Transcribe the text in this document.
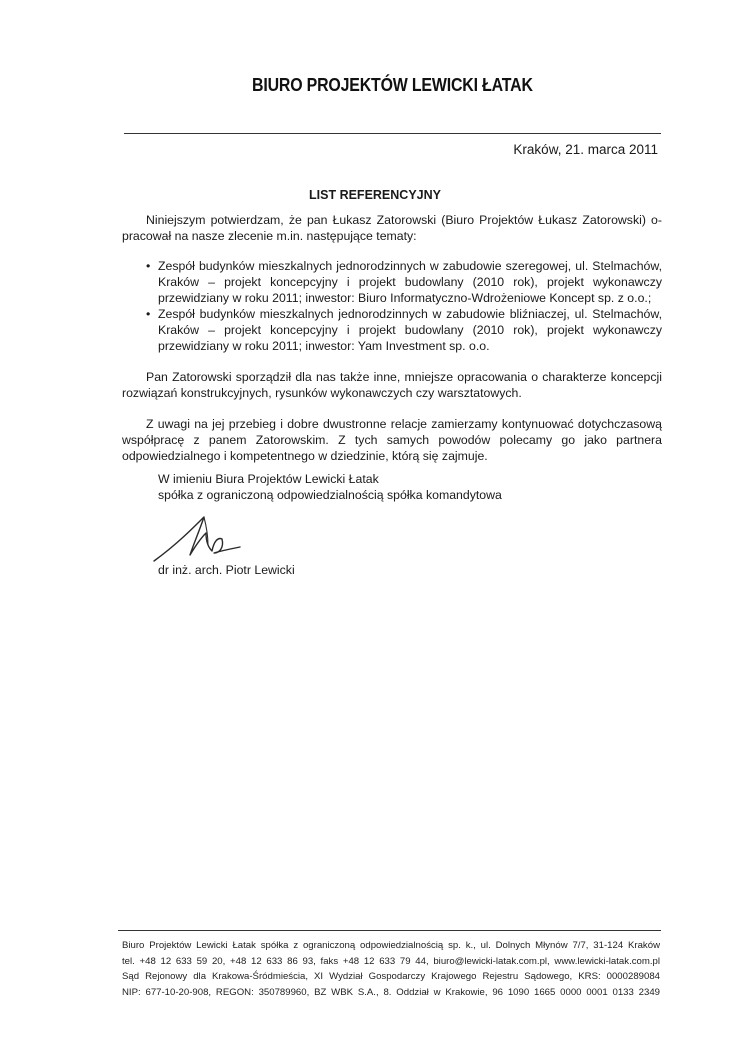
BIURO PROJEKTÓW LEWICKI ŁATAK
Kraków, 21. marca 2011
LIST REFERENCYJNY

Niniejszym potwierdzam, że pan Łukasz Zatorowski (Biuro Projektów Łukasz Zatorowski) o-pracował na nasze zlecenie m.in. następujące tematy:

• Zespół budynków mieszkalnych jednorodzinnych w zabudowie szeregowej, ul. Stelmachów, Kraków – projekt koncepcyjny i projekt budowlany (2010 rok), projekt wykonawczy przewidziany w roku 2011; inwestor: Biuro Informatyczno-Wdrożeniowe Koncept sp. z o.o.;
• Zespół budynków mieszkalnych jednorodzinnych w zabudowie bliźniaczej, ul. Stelmachów, Kraków – projekt koncepcyjny i projekt budowlany (2010 rok), projekt wykonawczy przewidziany w roku 2011; inwestor: Yam Investment sp. o.o.

Pan Zatorowski sporządził dla nas także inne, mniejsze opracowania o charakterze koncepcji rozwiązań konstrukcyjnych, rysunków wykonawczych czy warsztatowych.

Z uwagi na jej przebieg i dobre dwustronne relacje zamierzamy kontynuować dotychczasową współpracę z panem Zatorowskim. Z tych samych powodów polecamy go jako partnera odpowiedzialnego i kompetentnego w dziedzinie, którą się zajmuje.

W imieniu Biura Projektów Lewicki Łatak
spółka z ograniczoną odpowiedzialnością spółka komandytowa
dr inż. arch. Piotr Lewicki
Biuro Projektów Lewicki Łatak spółka z ograniczoną odpowiedzialnością sp. k., ul. Dolnych Młynów 7/7, 31-124 Kraków
tel. +48 12 633 59 20, +48 12 633 86 93, faks +48 12 633 79 44, biuro@lewicki-latak.com.pl, www.lewicki-latak.com.pl
Sąd Rejonowy dla Krakowa-Śródmieścia, XI Wydział Gospodarczy Krajowego Rejestru Sądowego, KRS: 0000289084
NIP: 677-10-20-908, REGON: 350789960, BZ WBK S.A., 8. Oddział w Krakowie, 96 1090 1665 0000 0001 0133 2349
